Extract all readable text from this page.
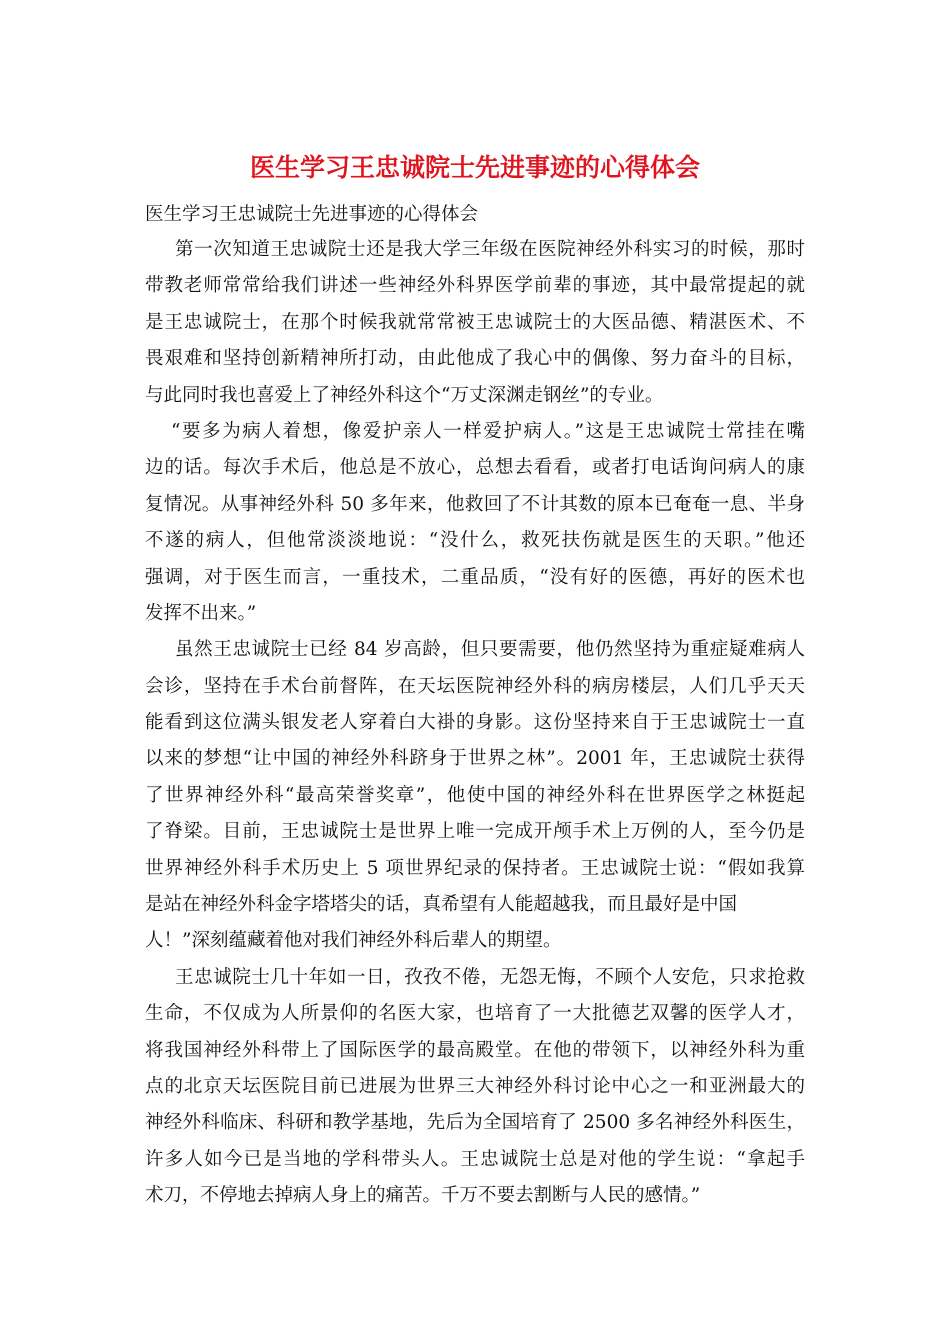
医生学习王忠诚院士先进事迹的心得体会
医生学习王忠诚院士先进事迹的心得体会
第一次知道王忠诚院士还是我大学三年级在医院神经外科实习的时候，那时
带教老师常常给我们讲述一些神经外科界医学前辈的事迹，其中最常提起的就
是王忠诚院士，在那个时候我就常常被王忠诚院士的大医品德、精湛医术、不
畏艰难和坚持创新精神所打动，由此他成了我心中的偶像、努力奋斗的目标，
与此同时我也喜爱上了神经外科这个“万丈深渊走钢丝”的专业。
“要多为病人着想，像爱护亲人一样爱护病人。”这是王忠诚院士常挂在嘴
边的话。每次手术后，他总是不放心，总想去看看，或者打电话询问病人的康
复情况。从事神经外科 50 多年来，他救回了不计其数的原本已奄奄一息、半身
不遂的病人，但他常淡淡地说：“没什么，救死扶伤就是医生的天职。”他还
强调，对于医生而言，一重技术，二重品质，“没有好的医德，再好的医术也
发挥不出来。”
虽然王忠诚院士已经 84 岁高龄，但只要需要，他仍然坚持为重症疑难病人
会诊，坚持在手术台前督阵，在天坛医院神经外科的病房楼层，人们几乎天天
能看到这位满头银发老人穿着白大褂的身影。这份坚持来自于王忠诚院士一直
以来的梦想“让中国的神经外科跻身于世界之林”。2001 年，王忠诚院士获得
了世界神经外科“最高荣誉奖章”，他使中国的神经外科在世界医学之林挺起
了脊梁。目前，王忠诚院士是世界上唯一完成开颅手术上万例的人，至今仍是
世界神经外科手术历史上 5 项世界纪录的保持者。王忠诚院士说：“假如我算
是站在神经外科金字塔塔尖的话，真希望有人能超越我，而且最好是中国
人！”深刻蕴藏着他对我们神经外科后辈人的期望。
王忠诚院士几十年如一日，孜孜不倦，无怨无悔，不顾个人安危，只求抢救
生命，不仅成为人所景仰的名医大家，也培育了一大批德艺双馨的医学人才，
将我国神经外科带上了国际医学的最高殿堂。在他的带领下，以神经外科为重
点的北京天坛医院目前已进展为世界三大神经外科讨论中心之一和亚洲最大的
神经外科临床、科研和教学基地，先后为全国培育了 2500 多名神经外科医生，
许多人如今已是当地的学科带头人。王忠诚院士总是对他的学生说：“拿起手
术刀，不停地去掉病人身上的痛苦。千万不要去割断与人民的感情。”
